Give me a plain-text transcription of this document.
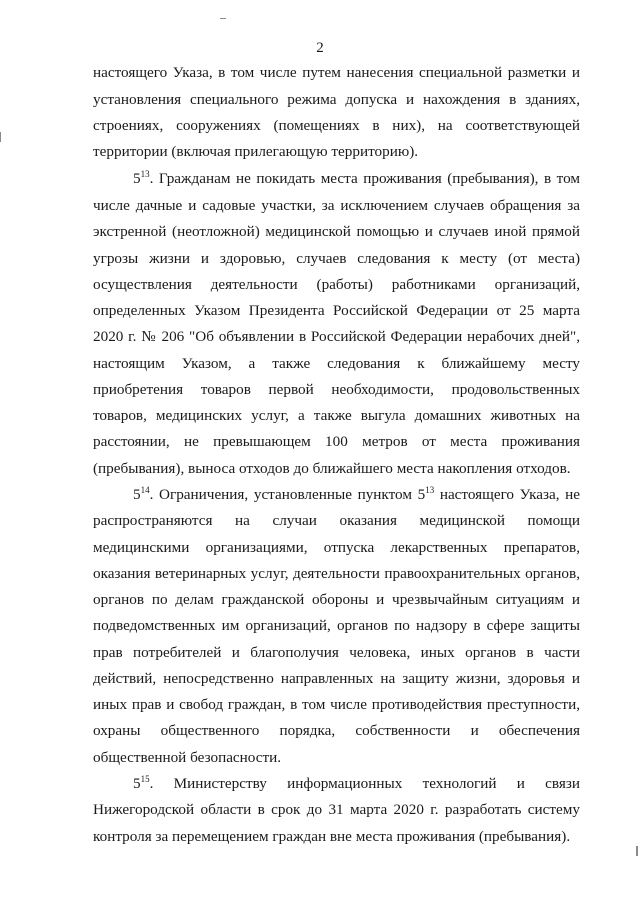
2
настоящего Указа, в том числе путем нанесения специальной разметки и
установления специального режима допуска и нахождения в зданиях,
строениях, сооружениях (помещениях в них), на соответствующей
территории (включая прилегающую территорию).
$5^{13}$. Гражданам не покидать места проживания (пребывания), в том
числе дачные и садовые участки, за исключением случаев обращения за
экстренной (неотложной) медицинской помощью и случаев иной прямой
угрозы жизни и здоровью, случаев следования к месту (от места)
осуществления деятельности (работы) работниками организаций,
определенных Указом Президента Российской Федерации от 25 марта
2020 г. № 206 "Об объявлении в Российской Федерации нерабочих дней",
настоящим Указом, а также следования к ближайшему месту
приобретения товаров первой необходимости, продовольственных
товаров, медицинских услуг, а также выгула домашних животных на
расстоянии, не превышающем 100 метров от места проживания
(пребывания), выноса отходов до ближайшего места накопления отходов.
$5^{14}$. Ограничения, установленные пунктом $5^{13}$ настоящего Указа, не
распространяются на случаи оказания медицинской помощи
медицинскими организациями, отпуска лекарственных препаратов,
оказания ветеринарных услуг, деятельности правоохранительных органов,
органов по делам гражданской обороны и чрезвычайным ситуациям и
подведомственных им организаций, органов по надзору в сфере защиты
прав потребителей и благополучия человека, иных органов в части
действий, непосредственно направленных на защиту жизни, здоровья и
иных прав и свобод граждан, в том числе противодействия преступности,
охраны общественного порядка, собственности и обеспечения
общественной безопасности.
$5^{15}$. Министерству информационных технологий и связи
Нижегородской области в срок до 31 марта 2020 г. разработать систему
контроля за перемещением граждан вне места проживания (пребывания).
